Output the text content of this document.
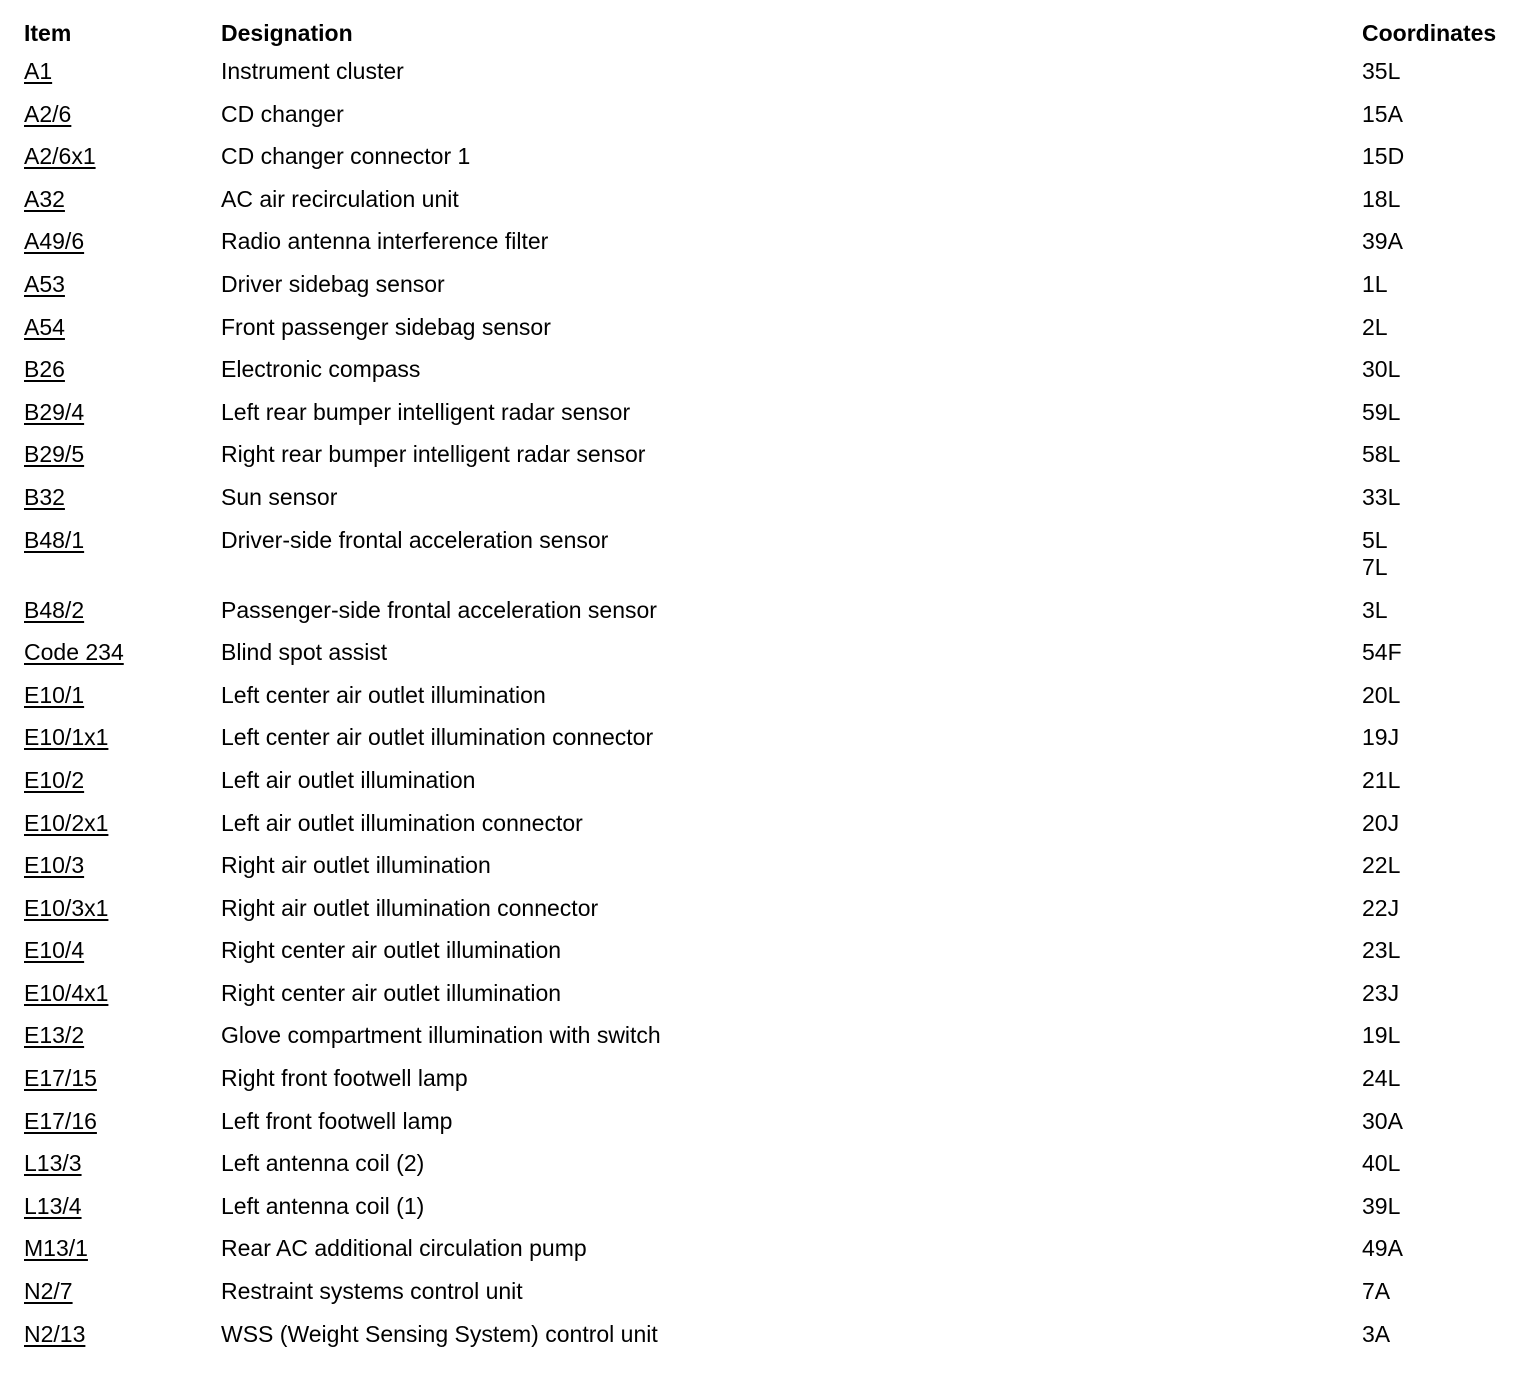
Item	Designation	Coordinates
A1	Instrument cluster	35L
A2/6	CD changer	15A
A2/6x1	CD changer connector 1	15D
A32	AC air recirculation unit	18L
A49/6	Radio antenna interference filter	39A
A53	Driver sidebag sensor	1L
A54	Front passenger sidebag sensor	2L
B26	Electronic compass	30L
B29/4	Left rear bumper intelligent radar sensor	59L
B29/5	Right rear bumper intelligent radar sensor	58L
B32	Sun sensor	33L
B48/1	Driver-side frontal acceleration sensor	5L
7L
B48/2	Passenger-side frontal acceleration sensor	3L
Code 234	Blind spot assist	54F
E10/1	Left center air outlet illumination	20L
E10/1x1	Left center air outlet illumination connector	19J
E10/2	Left air outlet illumination	21L
E10/2x1	Left air outlet illumination connector	20J
E10/3	Right air outlet illumination	22L
E10/3x1	Right air outlet illumination connector	22J
E10/4	Right center air outlet illumination	23L
E10/4x1	Right center air outlet illumination	23J
E13/2	Glove compartment illumination with switch	19L
E17/15	Right front footwell lamp	24L
E17/16	Left front footwell lamp	30A
L13/3	Left antenna coil (2)	40L
L13/4	Left antenna coil (1)	39L
M13/1	Rear AC additional circulation pump	49A
N2/7	Restraint systems control unit	7A
N2/13	WSS (Weight Sensing System) control unit	3A
